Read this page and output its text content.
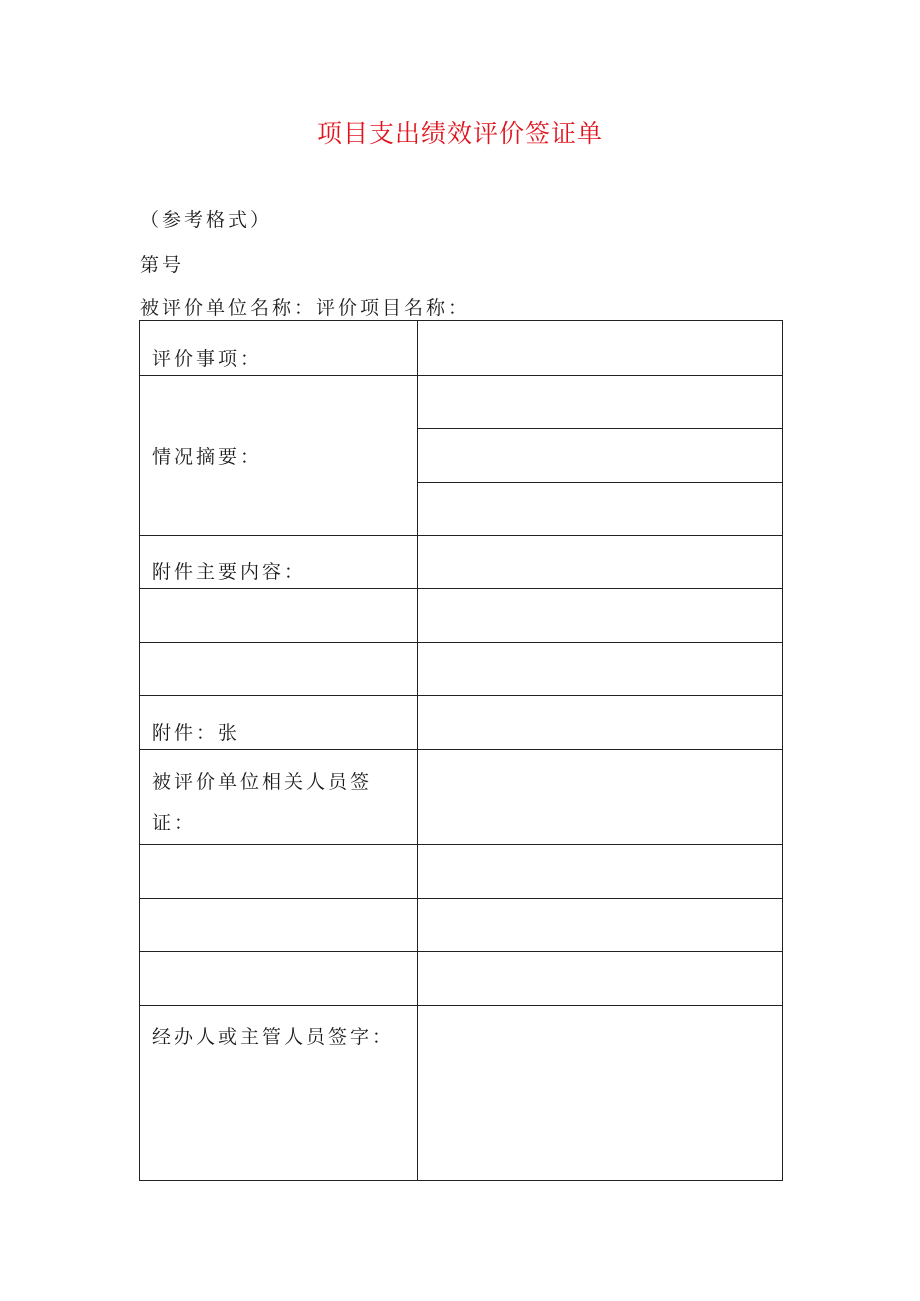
项目支出绩效评价签证单
（参考格式）
第号
被评价单位名称：评价项目名称：
评价事项：	

情况摘要：	

附件主要内容：	

附件：张	

被评价单位相关人员签证：	

经办人或主管人员签字：	
